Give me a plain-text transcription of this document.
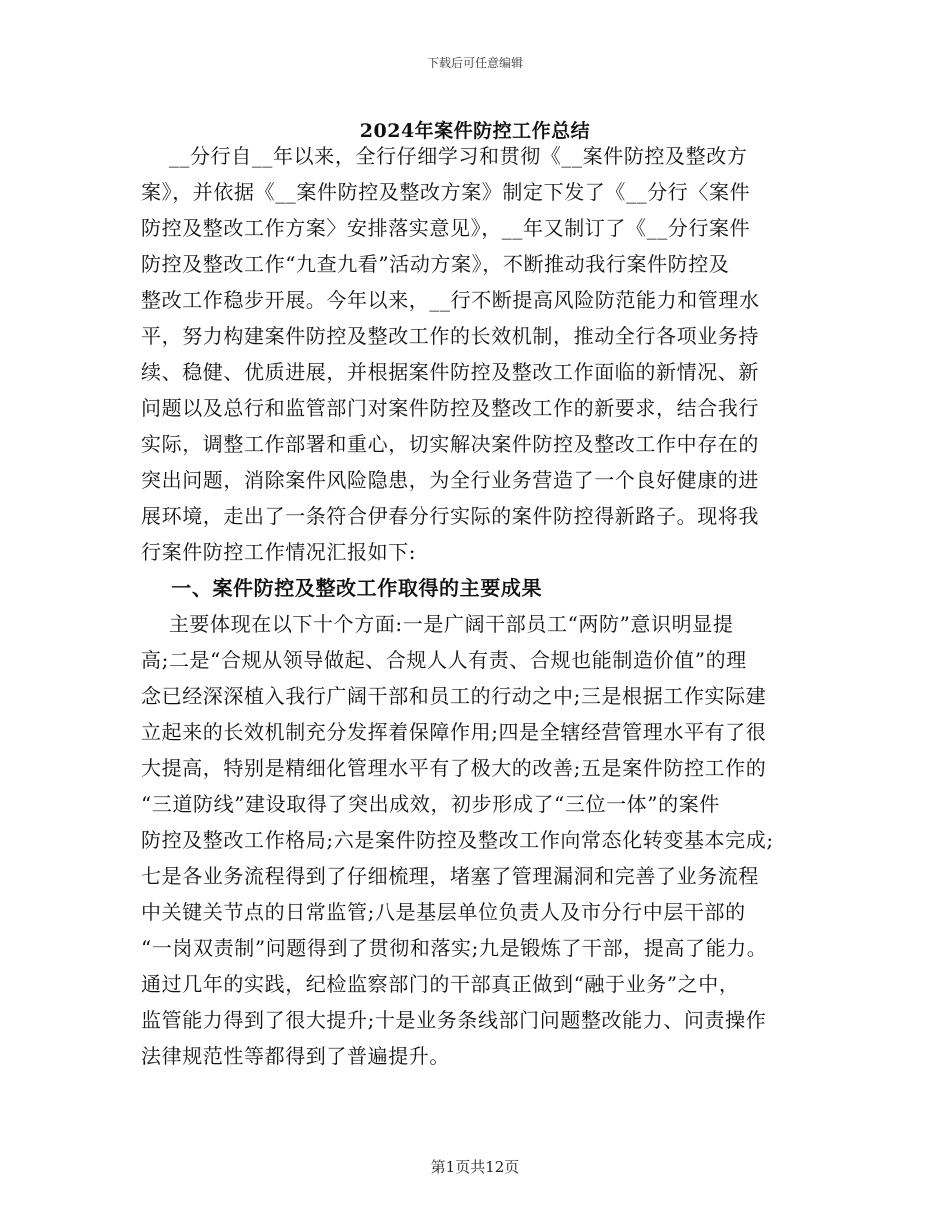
下载后可任意编辑
2024年案件防控工作总结
__分行自__年以来，全行仔细学习和贯彻《__案件防控及整改方
案》，并依据《__案件防控及整改方案》制定下发了《__分行〈案件
防控及整改工作方案〉安排落实意见》，__年又制订了《__分行案件
防控及整改工作“九查九看”活动方案》，不断推动我行案件防控及
整改工作稳步开展。今年以来，__行不断提高风险防范能力和管理水
平，努力构建案件防控及整改工作的长效机制，推动全行各项业务持
续、稳健、优质进展，并根据案件防控及整改工作面临的新情况、新
问题以及总行和监管部门对案件防控及整改工作的新要求，结合我行
实际，调整工作部署和重心，切实解决案件防控及整改工作中存在的
突出问题，消除案件风险隐患，为全行业务营造了一个良好健康的进
展环境，走出了一条符合伊春分行实际的案件防控得新路子。现将我
行案件防控工作情况汇报如下:
一、案件防控及整改工作取得的主要成果
主要体现在以下十个方面:一是广阔干部员工“两防”意识明显提
高;二是“合规从领导做起、合规人人有责、合规也能制造价值”的理
念已经深深植入我行广阔干部和员工的行动之中;三是根据工作实际建
立起来的长效机制充分发挥着保障作用;四是全辖经营管理水平有了很
大提高，特别是精细化管理水平有了极大的改善;五是案件防控工作的
“三道防线”建设取得了突出成效，初步形成了“三位一体”的案件
防控及整改工作格局;六是案件防控及整改工作向常态化转变基本完成;
七是各业务流程得到了仔细梳理，堵塞了管理漏洞和完善了业务流程
中关键关节点的日常监管;八是基层单位负责人及市分行中层干部的
“一岗双责制”问题得到了贯彻和落实;九是锻炼了干部，提高了能力。
通过几年的实践，纪检监察部门的干部真正做到“融于业务”之中，
监管能力得到了很大提升;十是业务条线部门问题整改能力、问责操作
法律规范性等都得到了普遍提升。
第1页共12页
